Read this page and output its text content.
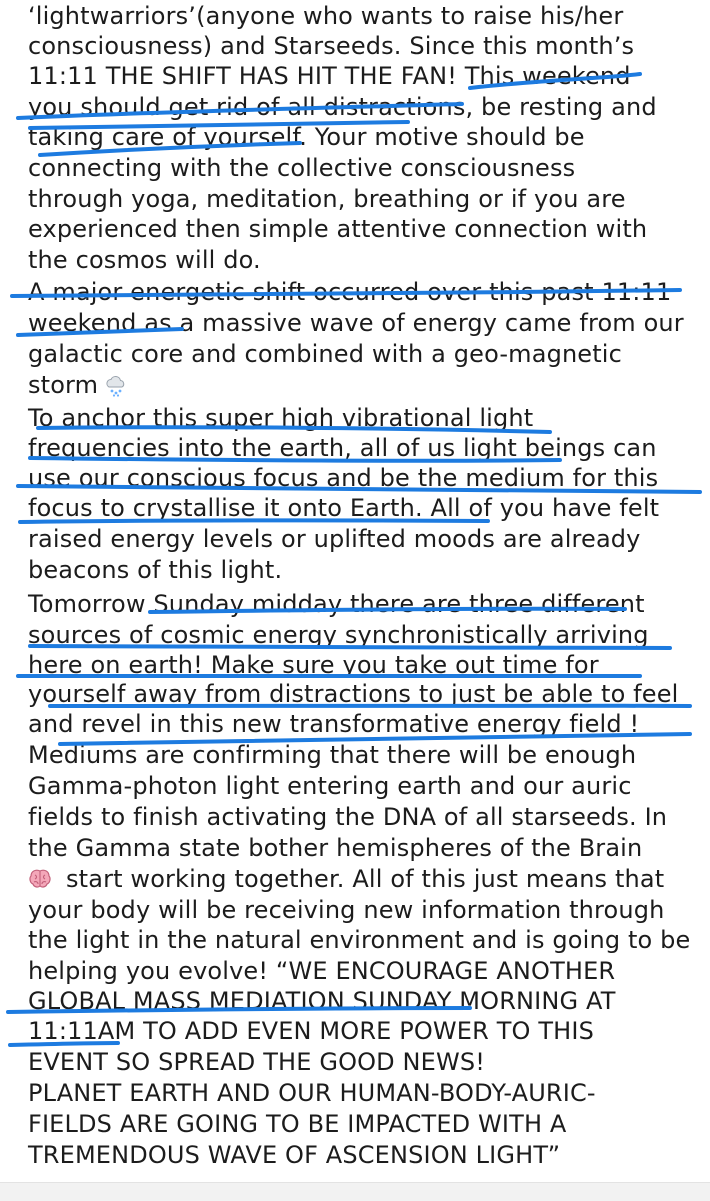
‘lightwarriors’(anyone who wants to raise his/her
consciousness) and Starseeds. Since this month’s
11:11 THE SHIFT HAS HIT THE FAN! This weekend
you should get rid of all distractions, be resting and
taking care of yourself. Your motive should be
connecting with the collective consciousness
through yoga, meditation, breathing or if you are
experienced then simple attentive connection with
the cosmos will do.
A major energetic shift occurred over this past 11:11
weekend as a massive wave of energy came from our
galactic core and combined with a geo-magnetic
storm
To anchor this super high vibrational light
frequencies into the earth, all of us light beings can
use our conscious focus and be the medium for this
focus to crystallise it onto Earth. All of you have felt
raised energy levels or uplifted moods are already
beacons of this light.
Tomorrow Sunday midday there are three different
sources of cosmic energy synchronistically arriving
here on earth! Make sure you take out time for
yourself away from distractions to just be able to feel
and revel in this new transformative energy field !
Mediums are confirming that there will be enough
Gamma-photon light entering earth and our auric
fields to finish activating the DNA of all starseeds. In
the Gamma state bother hemispheres of the Brain
start working together. All of this just means that
your body will be receiving new information through
the light in the natural environment and is going to be
helping you evolve! “WE ENCOURAGE ANOTHER
GLOBAL MASS MEDIATION SUNDAY MORNING AT
11:11AM TO ADD EVEN MORE POWER TO THIS
EVENT SO SPREAD THE GOOD NEWS!
PLANET EARTH AND OUR HUMAN-BODY-AURIC-
FIELDS ARE GOING TO BE IMPACTED WITH A
TREMENDOUS WAVE OF ASCENSION LIGHT”
